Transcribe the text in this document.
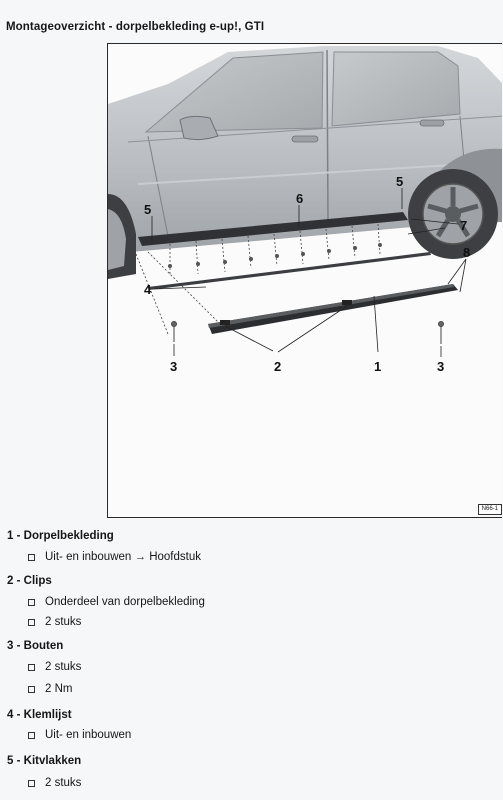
Montageoverzicht - dorpelbekleding e-up!, GTI
5
6
5
7
8
4
3	2	1	3
N66-1
1 - Dorpelbekleding
Uit- en inbouwen → Hoofdstuk
2 - Clips
Onderdeel van dorpelbekleding
2 stuks
3 - Bouten
2 stuks
2 Nm
4 - Klemlijst
Uit- en inbouwen
5 - Kitvlakken
2 stuks
